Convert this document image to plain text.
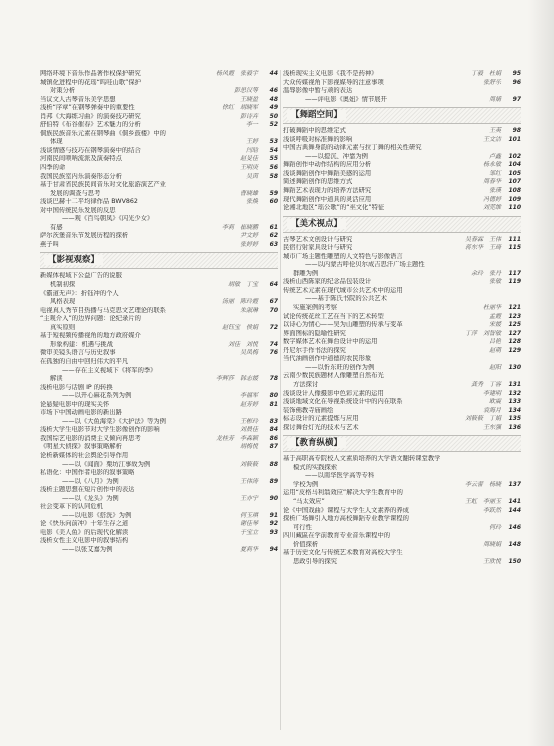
网络环境下音乐作品著作权保护研究	杨风霞　张毅宇 44
城镇化进程中的花瑶“呜哇山歌”保护
对策分析	彭思汉等 46
当议文人古琴音乐美学思想	王晓盈 48
浅析“序章”在钢琴弹奏中的重要性	徐红　胡晓军 49
肖邦《大海练习曲》的演奏技巧研究	彭诗卉 50
舒伯特《布谷催春》艺术魅力的分析	李一 52
侗族民族音乐元素在钢琴曲《侗乡鼓楼》中的
体现	王婷 53
浅谈情感与技巧在钢琴演奏中的结合	闫晗 54
河南民间唢呐流派及演奏特点	赵旻佳 55
四季的命	王明庚 56
我国民族室内乐演奏形态分析	吴茵 58
基于甘肃省民族民间音乐对文化旅游演艺产业
发展的调查与思考	曹晓雄 59
浅谈巴赫十二平均律作品 BWV862	张焕 60
对中国传统民乐发展的反思
——观《百鸟朝凤》《闪光少女》
有感	李莉　崔晓鹏 61
萨尔茨堡音乐节发展历程的探析	尹文婷 62
燕子叫	张婷婷 63
【影视观察】
新媒体视域下公益广告的说服
机制初探	胡敏　丁宝 64
《霸道无声》：折钰冲的个人
风格表现	汤丽　陈玲霞 67
电视真人秀节目热播与马克思文艺理论的联系	朱淑琳 70
“主观介入”的边界问题：论纪录片的
真实原则	赵钰宝　侯娟 72
基于短视频传播视角的地方政府媒介
形象构建：机遇与挑战	刘佳　刘悦 74
微审美镜头语言与历史叙事	吴凤梅 76
在孤独的自由中回归伟大的平凡
——存在主义视域下《将军的季》
解读	李辉莎　韩志媛 78
浅析电影与话剧 IP 的转换
——以开心麻花系列为例	李福军 80
论悬疑电影中的现实关怀	赵芳婷 81
市场下中国动画电影的新出路
——以《大鱼海棠》《大护法》等为例	王彬玲 83
浅析大学生电影节对大学生影像创作的影响	刘晨佳 84
我国综艺电影的消费主义倾向再思考	龙桂芳　李森颖 86
《明星大侦探》叙事策略解析	胡梅悦 87
论析新媒体的社会舆论引导作用
——以《闻面》栗坊江事故为例	刘筱筱 88
私语化：中国作者电影的叙事策略
——以《八月》为例	王伟涛 89
浅析主题思想在短片创作中的表达
——以《龙头》为例	王亦宁 90
社会变革下的认同危机
——以电影《搭洗》为例	何玉琪 91
论《快乐向前冲》十年生存之道	谢佳琴 92
电影《美人鱼》的后现代化解读	于宝立 93
浅析女性主义电影中的叙事结构
——以张艾嘉为例	夏莉华 94
浅析现实主义电影《我不是药神》	丁毅　杜娟 95
大众传媒视角下影视媒导的注意事项	张舒乐 96
温辱影像中暂与顽的表达
——评电影《奥妞》情节展开	周婧 97
【舞蹈空间】
打破舞蹈中的思维定式	王英 98
浅谈呼吸对标准舞的影响	王文洁 101
中国古典舞身韵的动律元素与拉丁舞的相关性研究
——以提沉、冲靠为例	卢鑫 102
舞蹈创作中动作结构的应用分析	杨永敏 104
浅谈舞蹈创作中舞蹈美感的运用	邹红 105
简述舞蹈创作的思维方式	周春华 107
舞蹈艺术表现力的培养方法研究	张瑛 108
现代舞蹈创作中道具的灵活应用	冯德婷 109
论湘北地区“瑶公歌”的“巫文化”特征	刘莞维 110
【美术视点】
古琴艺术文创设计与研究	吴春霖　王伟 111
民宿行射家具设计与研究	蒋东华　王琦 115
城市广场主题性雕塑的人文特色与影像语言
——以内蒙古呼伦贝尔成吉思汗广场主题性
群雕为例	余玲　张丹 117
浅析山西陈家的纪念品包装设计	张敏 119
传统艺术元素在现代城市公共艺术中的运用
——基于陈氏书院的公共艺术
实施案例的考察	杜丽华 121
试论传统花丝工艺在当下的艺术转型	孟霞 123
以诗心为情心——吴为山雕塑的传承与变革	宋媛 125
界面图标的隐喻性研究	丁萍　刘智敏 127
数字媒体艺术在舞台设计中的运用	吕艳 128
丹尼尔手作书法的探究	赵萌 129
当代油画创作中道德的农民形象
——以忻东旺的创作为例	赵阳 130
云南少数民族题材人像雕塑自然布光
方法探讨	龚秀　丁容 131
浅谈设计人像摄影中色彩元素的运用	李建明 132
浅谈地域文化在导视系统设计中的内在联系	欧震 133
装饰佛教寺庙画绘	袁海月 134
标志设计的元素提炼与应用	刘筱筱　丁娟 135
探讨舞台灯光的技术与艺术	王东强 136
【教育纵横】
基于高职高专院校人文素质培养的大学语文翻转课堂教学
模式的实践探索
——以南华医学高等专科
学校为例	李云蕾　杨晓 137
运用“皮格马利翁效应”解决大学生教育中的
“马太效应”	王虹　李丽玉 141
论《中国戏曲》课程与大学生人文素养的养成	李跃然 144
探析广场舞引入地方高校舞蹈专业教学课程的
可行性	何玲 146
四川藏區在学前教育专业音乐课程中的
价值探析	周晓娟 148
基于历史文化与传统艺术教育对高校大学生
思政引导的探究	王欣悦 150
